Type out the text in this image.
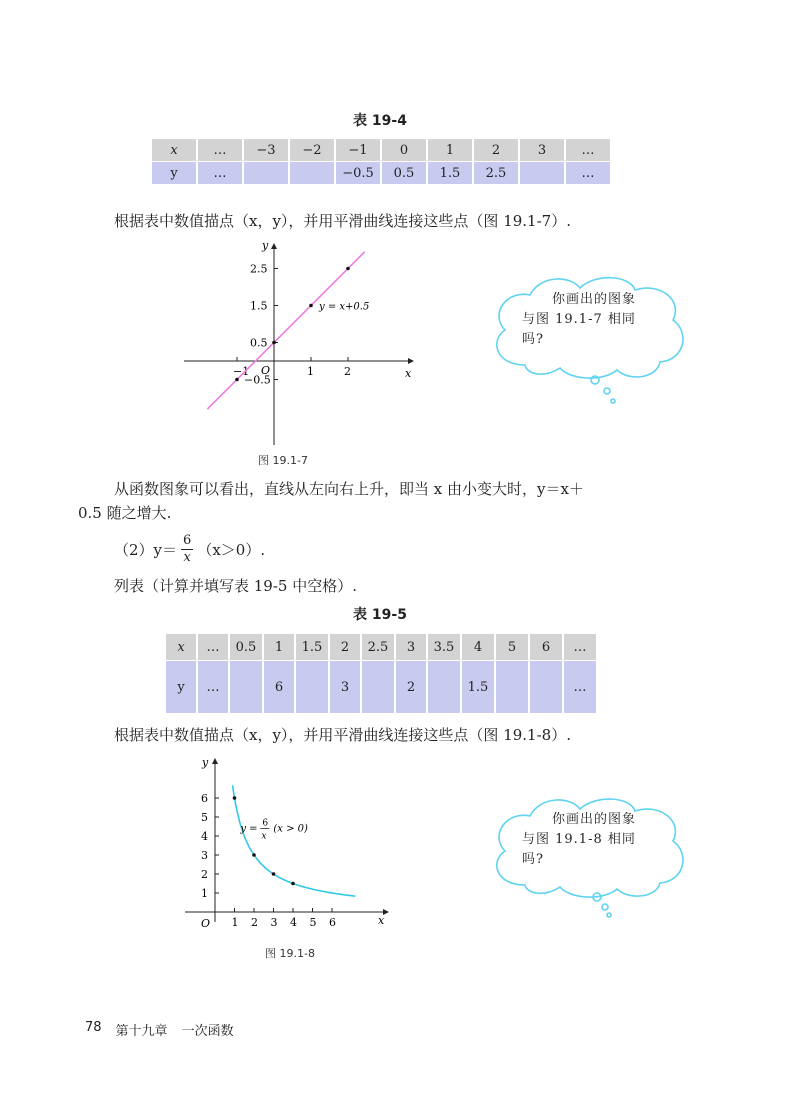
表 19-4
x	…	−3	−2	−1	0	1	2	3	…
y	…			−0.5	0.5	1.5	2.5		…
根据表中数值描点（x，y），并用平滑曲线连接这些点（图 19.1-7）.
x
y
O
−1	1	2
−0.5
0.5
1.5
2.5
y = x+0.5
图 19.1-7
你画出的图象
与图 19.1-7 相同
吗?
从函数图象可以看出，直线从左向右上升，即当 x 由小变大时，y＝x＋
0.5 随之增大.
$(2)y= \frac{6}{x} (x>0)$.
列表（计算并填写表 19-5 中空格）.
表 19-5
x	…	0.5	1	1.5	2	2.5	3	3.5	4	5	6	…
y	…		6		3		2		1.5			…
根据表中数值描点（x，y），并用平滑曲线连接这些点（图 19.1-8）.
x
y
O 1 2 3 4 5 6
1
2
3
4
5
6
y = 6
x
(x > 0)
图 19.1-8
你画出的图象
与图 19.1-8 相同
吗?
78 第十九章 一次函数
